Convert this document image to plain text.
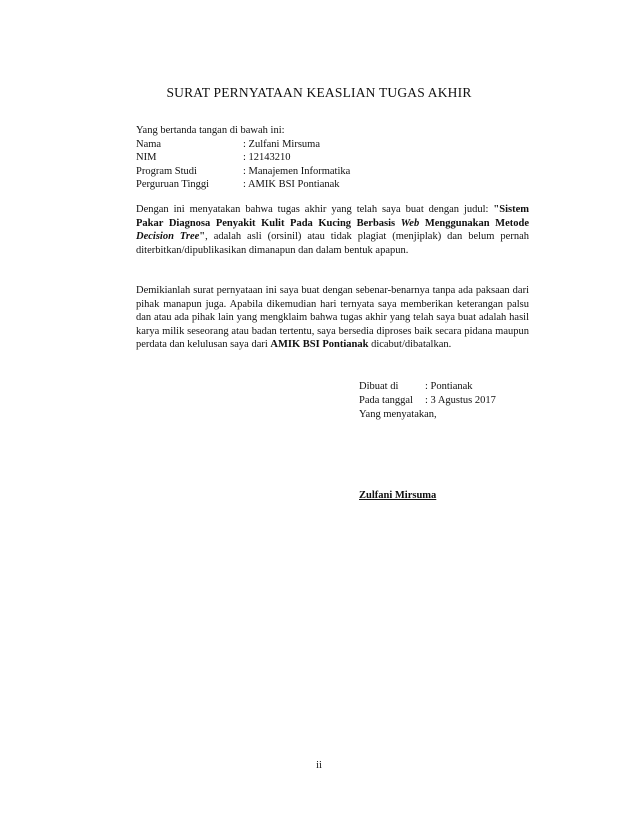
SURAT PERNYATAAN KEASLIAN TUGAS AKHIR
Yang bertanda tangan di bawah ini:
Nama	: Zulfani Mirsuma
NIM	: 12143210
Program Studi	: Manajemen Informatika
Perguruan Tinggi	: AMIK BSI Pontianak
Dengan ini menyatakan bahwa tugas akhir yang telah saya buat dengan judul: "Sistem Pakar Diagnosa Penyakit Kulit Pada Kucing Berbasis Web Menggunakan Metode Decision Tree", adalah asli (orsinil) atau tidak plagiat (menjiplak) dan belum pernah diterbitkan/dipublikasikan dimanapun dan dalam bentuk apapun.
Demikianlah surat pernyataan ini saya buat dengan sebenar-benarnya tanpa ada paksaan dari pihak manapun juga. Apabila dikemudian hari ternyata saya memberikan keterangan palsu dan atau ada pihak lain yang mengklaim bahwa tugas akhir yang telah saya buat adalah hasil karya milik seseorang atau badan tertentu, saya bersedia diproses baik secara pidana maupun perdata dan kelulusan saya dari AMIK BSI Pontianak dicabut/dibatalkan.
Dibuat di	: Pontianak
Pada tanggal	: 3 Agustus 2017
Yang menyatakan,
Zulfani Mirsuma
ii
